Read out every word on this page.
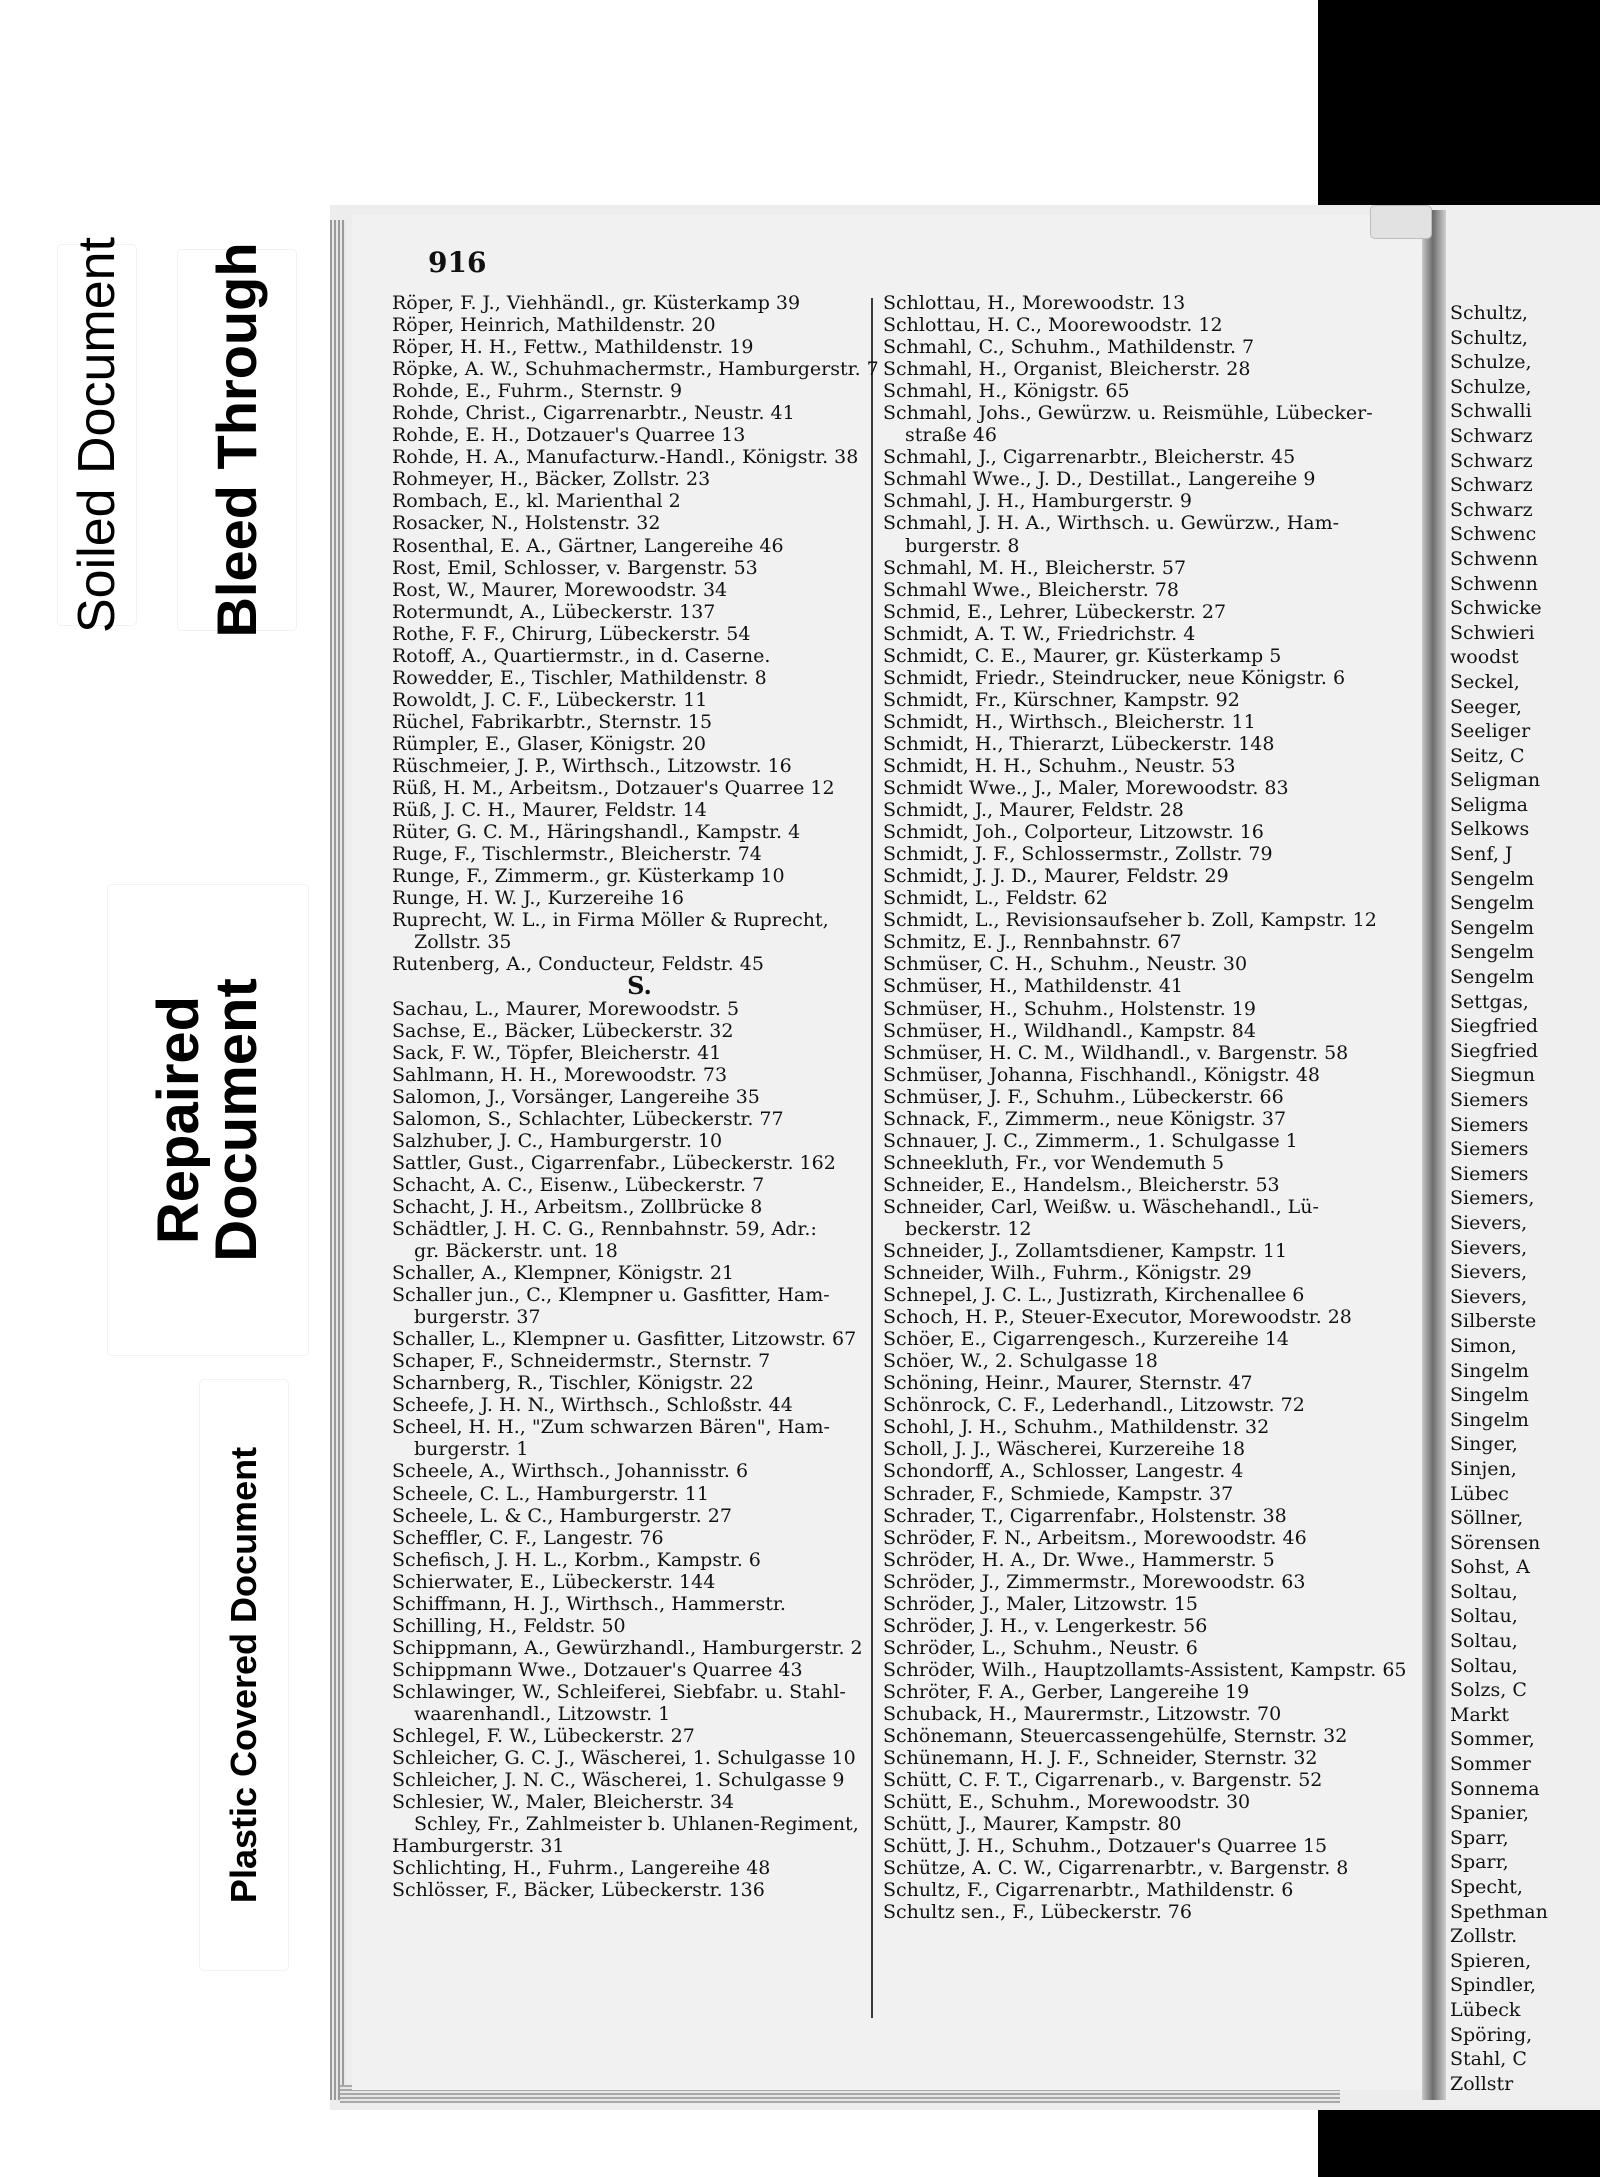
Soiled Document Bleed Through
Repaired Document
Plastic Covered Document
Schultz,
Schultz,
Schulze,
Schulze,
Schwalli
Schwarz
Schwarz
Schwarz
Schwarz
Schwenc
Schwenn
Schwenn
Schwicke
Schwieri
woodst
Seckel,
Seeger,
Seeliger
Seitz, C
Seligman
Seligma
Selkows
Senf, J
Sengelm
Sengelm
Sengelm
Sengelm
Sengelm
Settgas,
Siegfried
Siegfried
Siegmun
Siemers
Siemers
Siemers
Siemers
Siemers,
Sievers,
Sievers,
Sievers,
Sievers,
Silberste
Simon,
Singelm
Singelm
Singelm
Singer,
Sinjen,
Lübec
Söllner,
Sörensen
Sohst, A
Soltau,
Soltau,
Soltau,
Soltau,
Solzs, C
Markt
Sommer,
Sommer
Sonnema
Spanier,
Sparr,
Sparr,
Specht,
Spethman
Zollstr.
Spieren,
Spindler,
Lübeck
Spöring,
Stahl, C
Zollstr
916
Röper, F. J., Viehhändl., gr. Küsterkamp 39
Röper, Heinrich, Mathildenstr. 20
Röper, H. H., Fettw., Mathildenstr. 19
Röpke, A. W., Schuhmachermstr., Hamburgerstr. 7
Rohde, E., Fuhrm., Sternstr. 9
Rohde, Christ., Cigarrenarbtr., Neustr. 41
Rohde, E. H., Dotzauer's Quarree 13
Rohde, H. A., Manufacturw.-Handl., Königstr. 38
Rohmeyer, H., Bäcker, Zollstr. 23
Rombach, E., kl. Marienthal 2
Rosacker, N., Holstenstr. 32
Rosenthal, E. A., Gärtner, Langereihe 46
Rost, Emil, Schlosser, v. Bargenstr. 53
Rost, W., Maurer, Morewoodstr. 34
Rotermundt, A., Lübeckerstr. 137
Rothe, F. F., Chirurg, Lübeckerstr. 54
Rotoff, A., Quartiermstr., in d. Caserne.
Rowedder, E., Tischler, Mathildenstr. 8
Rowoldt, J. C. F., Lübeckerstr. 11
Rüchel, Fabrikarbtr., Sternstr. 15
Rümpler, E., Glaser, Königstr. 20
Rüschmeier, J. P., Wirthsch., Litzowstr. 16
Rüß, H. M., Arbeitsm., Dotzauer's Quarree 12
Rüß, J. C. H., Maurer, Feldstr. 14
Rüter, G. C. M., Häringshandl., Kampstr. 4
Ruge, F., Tischlermstr., Bleicherstr. 74
Runge, F., Zimmerm., gr. Küsterkamp 10
Runge, H. W. J., Kurzereihe 16
Ruprecht, W. L., in Firma Möller & Ruprecht,
Zollstr. 35
Rutenberg, A., Conducteur, Feldstr. 45
S.
Sachau, L., Maurer, Morewoodstr. 5
Sachse, E., Bäcker, Lübeckerstr. 32
Sack, F. W., Töpfer, Bleicherstr. 41
Sahlmann, H. H., Morewoodstr. 73
Salomon, J., Vorsänger, Langereihe 35
Salomon, S., Schlachter, Lübeckerstr. 77
Salzhuber, J. C., Hamburgerstr. 10
Sattler, Gust., Cigarrenfabr., Lübeckerstr. 162
Schacht, A. C., Eisenw., Lübeckerstr. 7
Schacht, J. H., Arbeitsm., Zollbrücke 8
Schädtler, J. H. C. G., Rennbahnstr. 59, Adr.:
gr. Bäckerstr. unt. 18
Schaller, A., Klempner, Königstr. 21
Schaller jun., C., Klempner u. Gasfitter, Ham-
burgerstr. 37
Schaller, L., Klempner u. Gasfitter, Litzowstr. 67
Schaper, F., Schneidermstr., Sternstr. 7
Scharnberg, R., Tischler, Königstr. 22
Scheefe, J. H. N., Wirthsch., Schloßstr. 44
Scheel, H. H., "Zum schwarzen Bären", Ham-
burgerstr. 1
Scheele, A., Wirthsch., Johannisstr. 6
Scheele, C. L., Hamburgerstr. 11
Scheele, L. & C., Hamburgerstr. 27
Scheffler, C. F., Langestr. 76
Schefisch, J. H. L., Korbm., Kampstr. 6
Schierwater, E., Lübeckerstr. 144
Schiffmann, H. J., Wirthsch., Hammerstr.
Schilling, H., Feldstr. 50
Schippmann, A., Gewürzhandl., Hamburgerstr. 2
Schippmann Wwe., Dotzauer's Quarree 43
Schlawinger, W., Schleiferei, Siebfabr. u. Stahl-
waarenhandl., Litzowstr. 1
Schlegel, F. W., Lübeckerstr. 27
Schleicher, G. C. J., Wäscherei, 1. Schulgasse 10
Schleicher, J. N. C., Wäscherei, 1. Schulgasse 9
Schlesier, W., Maler, Bleicherstr. 34
Schley, Fr., Zahlmeister b. Uhlanen-Regiment,
Hamburgerstr. 31
Schlichting, H., Fuhrm., Langereihe 48
Schlösser, F., Bäcker, Lübeckerstr. 136
Schlottau, H., Morewoodstr. 13
Schlottau, H. C., Moorewoodstr. 12
Schmahl, C., Schuhm., Mathildenstr. 7
Schmahl, H., Organist, Bleicherstr. 28
Schmahl, H., Königstr. 65
Schmahl, Johs., Gewürzw. u. Reismühle, Lübecker-
straße 46
Schmahl, J., Cigarrenarbtr., Bleicherstr. 45
Schmahl Wwe., J. D., Destillat., Langereihe 9
Schmahl, J. H., Hamburgerstr. 9
Schmahl, J. H. A., Wirthsch. u. Gewürzw., Ham-
burgerstr. 8
Schmahl, M. H., Bleicherstr. 57
Schmahl Wwe., Bleicherstr. 78
Schmid, E., Lehrer, Lübeckerstr. 27
Schmidt, A. T. W., Friedrichstr. 4
Schmidt, C. E., Maurer, gr. Küsterkamp 5
Schmidt, Friedr., Steindrucker, neue Königstr. 6
Schmidt, Fr., Kürschner, Kampstr. 92
Schmidt, H., Wirthsch., Bleicherstr. 11
Schmidt, H., Thierarzt, Lübeckerstr. 148
Schmidt, H. H., Schuhm., Neustr. 53
Schmidt Wwe., J., Maler, Morewoodstr. 83
Schmidt, J., Maurer, Feldstr. 28
Schmidt, Joh., Colporteur, Litzowstr. 16
Schmidt, J. F., Schlossermstr., Zollstr. 79
Schmidt, J. J. D., Maurer, Feldstr. 29
Schmidt, L., Feldstr. 62
Schmidt, L., Revisionsaufseher b. Zoll, Kampstr. 12
Schmitz, E. J., Rennbahnstr. 67
Schmüser, C. H., Schuhm., Neustr. 30
Schmüser, H., Mathildenstr. 41
Schmüser, H., Schuhm., Holstenstr. 19
Schmüser, H., Wildhandl., Kampstr. 84
Schmüser, H. C. M., Wildhandl., v. Bargenstr. 58
Schmüser, Johanna, Fischhandl., Königstr. 48
Schmüser, J. F., Schuhm., Lübeckerstr. 66
Schnack, F., Zimmerm., neue Königstr. 37
Schnauer, J. C., Zimmerm., 1. Schulgasse 1
Schneekluth, Fr., vor Wendemuth 5
Schneider, E., Handelsm., Bleicherstr. 53
Schneider, Carl, Weißw. u. Wäschehandl., Lü-
beckerstr. 12
Schneider, J., Zollamtsdiener, Kampstr. 11
Schneider, Wilh., Fuhrm., Königstr. 29
Schnepel, J. C. L., Justizrath, Kirchenallee 6
Schoch, H. P., Steuer-Executor, Morewoodstr. 28
Schöer, E., Cigarrengesch., Kurzereihe 14
Schöer, W., 2. Schulgasse 18
Schöning, Heinr., Maurer, Sternstr. 47
Schönrock, C. F., Lederhandl., Litzowstr. 72
Schohl, J. H., Schuhm., Mathildenstr. 32
Scholl, J. J., Wäscherei, Kurzereihe 18
Schondorff, A., Schlosser, Langestr. 4
Schrader, F., Schmiede, Kampstr. 37
Schrader, T., Cigarrenfabr., Holstenstr. 38
Schröder, F. N., Arbeitsm., Morewoodstr. 46
Schröder, H. A., Dr. Wwe., Hammerstr. 5
Schröder, J., Zimmermstr., Morewoodstr. 63
Schröder, J., Maler, Litzowstr. 15
Schröder, J. H., v. Lengerkestr. 56
Schröder, L., Schuhm., Neustr. 6
Schröder, Wilh., Hauptzollamts-Assistent, Kampstr. 65
Schröter, F. A., Gerber, Langereihe 19
Schuback, H., Maurermstr., Litzowstr. 70
Schönemann, Steuercassengehülfe, Sternstr. 32
Schünemann, H. J. F., Schneider, Sternstr. 32
Schütt, C. F. T., Cigarrenarb., v. Bargenstr. 52
Schütt, E., Schuhm., Morewoodstr. 30
Schütt, J., Maurer, Kampstr. 80
Schütt, J. H., Schuhm., Dotzauer's Quarree 15
Schütze, A. C. W., Cigarrenarbtr., v. Bargenstr. 8
Schultz, F., Cigarrenarbtr., Mathildenstr. 6
Schultz sen., F., Lübeckerstr. 76
